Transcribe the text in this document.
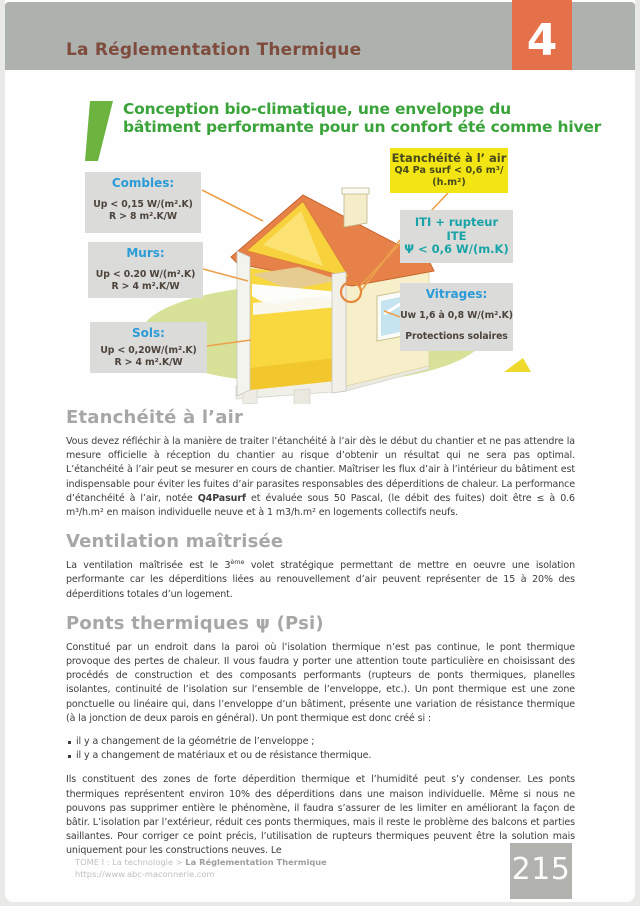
La Réglementation Thermique	4
Conception bio-climatique, une enveloppe du
bâtiment performante pour un confort été comme hiver
Etanchéité à l’ air
Q4 Pa surf < 0,6 m³/
(h.m²)
Combles:
Up < 0,15 W/(m².K)
R > 8 m².K/W
Murs:
Up < 0.20 W/(m².K)
R > 4 m².K/W
ITI + rupteur
ITE
Ψ < 0,6 W/(m.K)
Vitrages:
Uw 1,6 à 0,8 W/(m².K)
Protections solaires
Sols:
Up < 0,20W/(m².K)
R > 4 m².K/W
Etanchéité à l’air

Vous devez réfléchir à la manière de traiter l’étanchéité à l’air dès le début du chantier et ne pas attendre la mesure officielle à réception du chantier au risque d’obtenir un résultat qui ne sera pas optimal. L’étanchéité à l’air peut se mesurer en cours de chantier. Maîtriser les flux d’air à l’intérieur du bâtiment est indispensable pour éviter les fuites d’air parasites responsables des déperditions de chaleur. La performance d’étanchéité à l’air, notée Q4Pasurf et évaluée sous 50 Pascal, (le débit des fuites) doit être ≤ à 0.6 m³/h.m² en maison individuelle neuve et à 1 m3/h.m² en logements collectifs neufs.

Ventilation maîtrisée

La ventilation maîtrisée est le 3ème volet stratégique permettant de mettre en oeuvre une isolation performante car les déperditions liées au renouvellement d’air peuvent représenter de 15 à 20% des déperditions totales d’un logement.

Ponts thermiques ψ (Psi)

Constitué par un endroit dans la paroi où l’isolation thermique n’est pas continue, le pont thermique provoque des pertes de chaleur. Il vous faudra y porter une attention toute particulière en choisissant des procédés de construction et des composants performants (rupteurs de ponts thermiques, planelles isolantes, continuité de l’isolation sur l’ensemble de l’enveloppe, etc.). Un pont thermique est une zone ponctuelle ou linéaire qui, dans l’enveloppe d’un bâtiment, présente une variation de résistance thermique (à la jonction de deux parois en général). Un pont thermique est donc créé si :

il y a changement de la géométrie de l’enveloppe ;
il y a changement de matériaux et ou de résistance thermique.

Ils constituent des zones de forte déperdition thermique et l’humidité peut s’y condenser. Les ponts thermiques représentent environ 10% des déperditions dans une maison individuelle. Même si nous ne pouvons pas supprimer entière le phénomène, il faudra s’assurer de les limiter en améliorant la façon de bâtir. L’isolation par l’extérieur, réduit ces ponts thermiques, mais il reste le problème des balcons et parties saillantes. Pour corriger ce point précis, l’utilisation de rupteurs thermiques peuvent être la solution mais uniquement pour les constructions neuves. Le

TOME I : La technologie > La Réglementation Thermique
https://www.abc-maconnerie.com	215
